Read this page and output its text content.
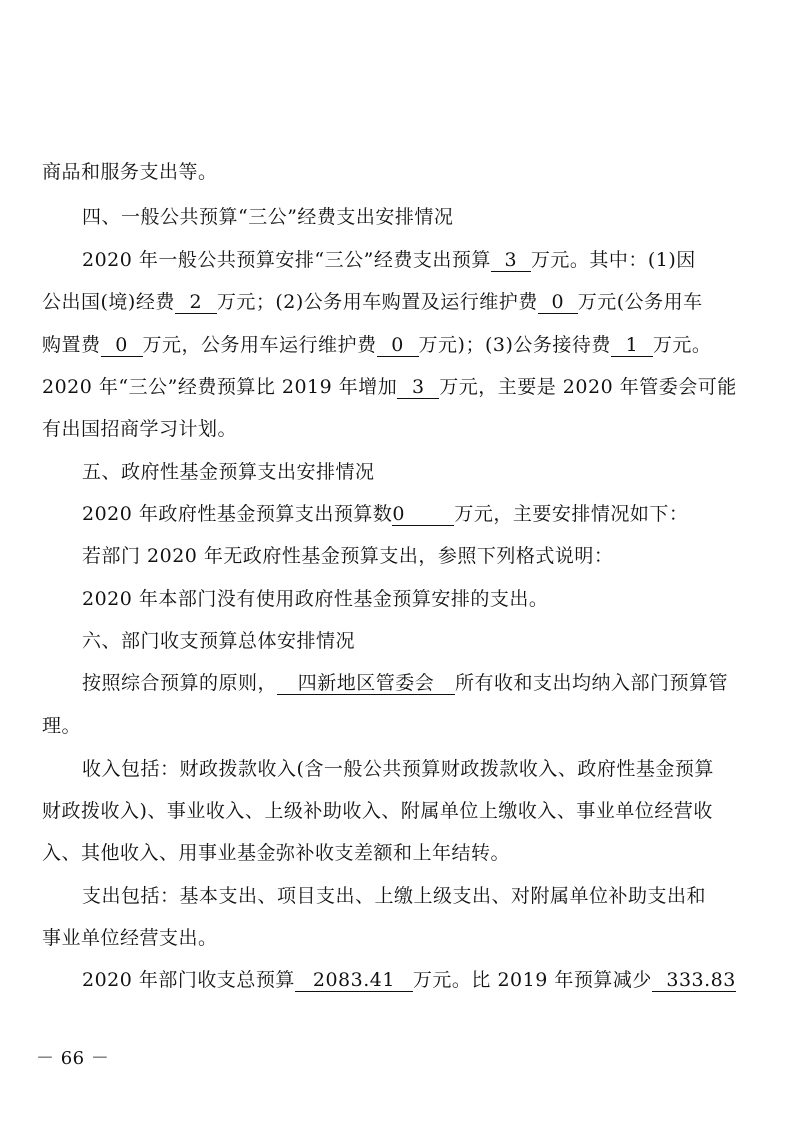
商品和服务支出等。
四、一般公共预算“三公”经费支出安排情况
2020 年一般公共预算安排“三公”经费支出预算 3 万元。其中：(1)因
公出国(境)经费 2 万元；(2)公务用车购置及运行维护费 0 万元(公务用车
购置费 0 万元，公务用车运行维护费 0 万元)；(3)公务接待费 1 万元。
2020 年“三公”经费预算比 2019 年增加 3 万元，主要是 2020 年管委会可能
有出国招商学习计划。
五、政府性基金预算支出安排情况
2020 年政府性基金预算支出预算数0	万元，主要安排情况如下：
若部门 2020 年无政府性基金预算支出，参照下列格式说明：
2020 年本部门没有使用政府性基金预算安排的支出。
六、部门收支预算总体安排情况
按照综合预算的原则， 四新地区管委会 所有收和支出均纳入部门预算管
理。
收入包括：财政拨款收入(含一般公共预算财政拨款收入、政府性基金预算
财政拨收入)、事业收入、上级补助收入、附属单位上缴收入、事业单位经营收
入、其他收入、用事业基金弥补收支差额和上年结转。
支出包括：基本支出、项目支出、上缴上级支出、对附属单位补助支出和
事业单位经营支出。
2020 年部门收支总预算 2083.41 万元。比 2019 年预算减少 333.83
－ 66 －
